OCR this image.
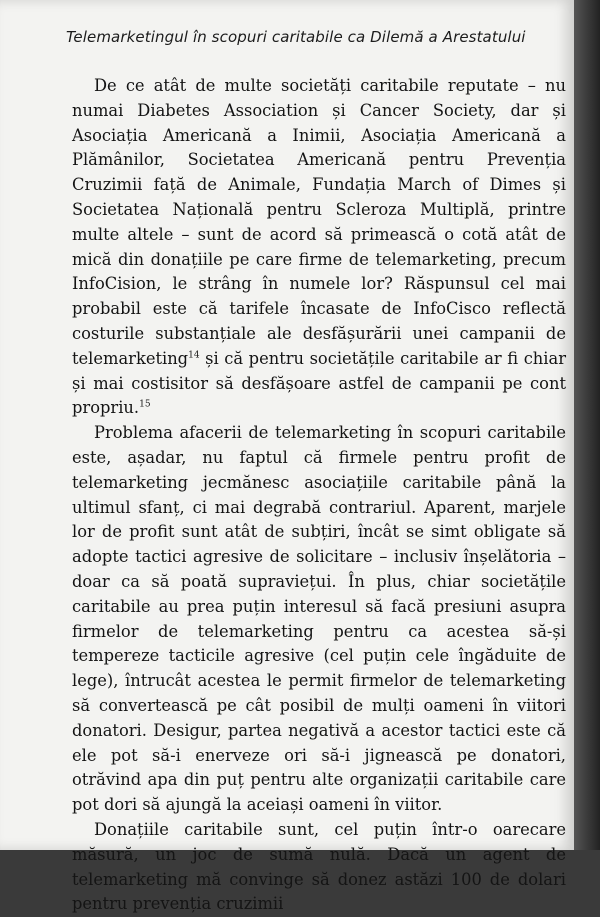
Telemarketingul în scopuri caritabile ca Dilemă a Arestatului

De ce atât de multe societăți caritabile reputate – nu numai Diabetes Association și Cancer Society, dar și Asociația Americană a Inimii, Asociația Americană a Plămânilor, Societatea Americană pentru Prevenția Cruzimii față de Animale, Fundația March of Dimes și Societatea Națională pentru Scleroza Multiplă, printre multe altele – sunt de acord să primească o cotă atât de mică din donațiile pe care firme de telemarketing, precum InfoCision, le strâng în numele lor? Răspunsul cel mai probabil este că tarifele încasate de InfoCisco reflectă costurile substanțiale ale desfășurării unei campanii de telemarketing$^{14}$ și că pentru societățile caritabile ar fi chiar și mai costisitor să desfășoare astfel de campanii pe cont propriu.$^{15}$

Problema afacerii de telemarketing în scopuri caritabile este, așadar, nu faptul că firmele pentru profit de telemarketing jecmănesc asociațiile caritabile până la ultimul sfanț, ci mai degrabă contrariul. Aparent, marjele lor de profit sunt atât de subțiri, încât se simt obligate să adopte tactici agresive de solicitare – inclusiv înșelătoria – doar ca să poată supraviețui. În plus, chiar societățile caritabile au prea puțin interesul să facă presiuni asupra firmelor de telemarketing pentru ca acestea să-și tempereze tacticile agresive (cel puțin cele îngăduite de lege), întrucât acestea le permit firmelor de telemarketing să convertească pe cât posibil de mulți oameni în viitori donatori. Desigur, partea negativă a acestor tactici este că ele pot să-i enerveze ori să-i jignească pe donatori, otrăvind apa din puț pentru alte organizații caritabile care pot dori să ajungă la aceiași oameni în viitor.

Donațiile caritabile sunt, cel puțin într-o oarecare măsură, un joc de sumă nulă. Dacă un agent de telemarketing mă convinge să donez astăzi 100 de dolari pentru prevenția cruzimii
